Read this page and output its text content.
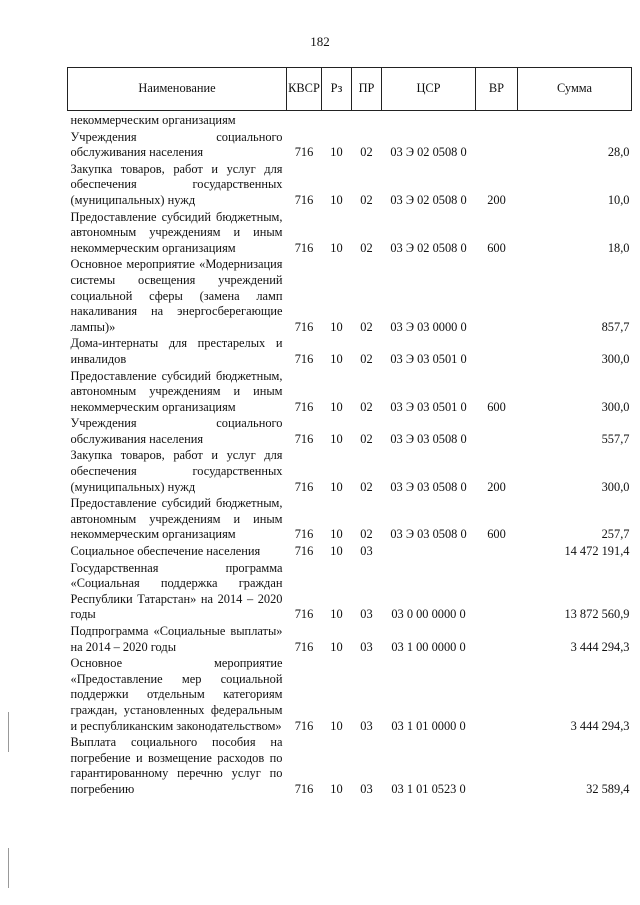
182
Наименование	КВСР	Рз	ПР	ЦСР	ВР	Сумма
некоммерческим организациям						
Учреждения социального обслуживания населения	716	10	02	03 Э 02 0508 0		28,0
Закупка товаров, работ и услуг для обеспечения государственных (муниципальных) нужд	716	10	02	03 Э 02 0508 0	200	10,0
Предоставление субсидий бюджетным, автономным учреждениям и иным некоммерческим организациям	716	10	02	03 Э 02 0508 0	600	18,0
Основное мероприятие «Модернизация системы освещения учреждений социальной сферы (замена ламп накаливания на энергосберегающие лампы)»	716	10	02	03 Э 03 0000 0		857,7
Дома-интернаты для престарелых и инвалидов	716	10	02	03 Э 03 0501 0		300,0
Предоставление субсидий бюджетным, автономным учреждениям и иным некоммерческим организациям	716	10	02	03 Э 03 0501 0	600	300,0
Учреждения социального обслуживания населения	716	10	02	03 Э 03 0508 0		557,7
Закупка товаров, работ и услуг для обеспечения государственных (муниципальных) нужд	716	10	02	03 Э 03 0508 0	200	300,0
Предоставление субсидий бюджетным, автономным учреждениям и иным некоммерческим организациям	716	10	02	03 Э 03 0508 0	600	257,7
Социальное обеспечение населения	716	10	03			14 472 191,4
Государственная программа «Социальная поддержка граждан Республики Татарстан» на 2014 – 2020 годы	716	10	03	03 0 00 0000 0		13 872 560,9
Подпрограмма «Социальные выплаты» на 2014 – 2020 годы	716	10	03	03 1 00 0000 0		3 444 294,3
Основное мероприятие «Предоставление мер социальной поддержки отдельным категориям граждан, установленных федеральным и республиканским законодательством»	716	10	03	03 1 01 0000 0		3 444 294,3
Выплата социального пособия на погребение и возмещение расходов по гарантированному перечню услуг по погребению	716	10	03	03 1 01 0523 0		32 589,4
